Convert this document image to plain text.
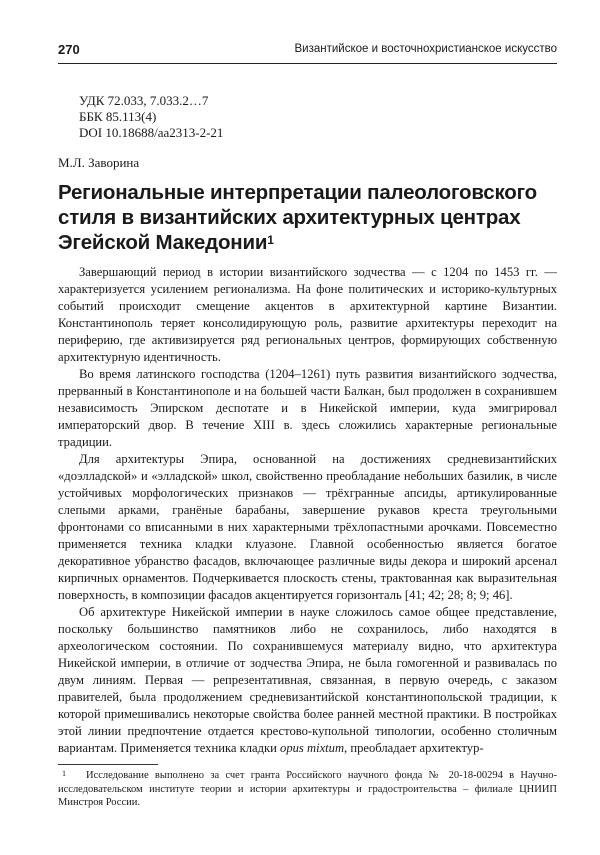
270	Византийское и восточнохристианское искусство
УДК 72.033, 7.033.2…7
ББК 85.113(4)
DOI 10.18688/aa2313-2-21
М.Л. Заворина
Региональные интерпретации палеологовского стиля в византийских архитектурных центрах Эгейской Македонии$^1$

Завершающий период в истории византийского зодчества — с 1204 по 1453 гг. — характеризуется усилением регионализма. На фоне политических и историко-культурных событий происходит смещение акцентов в архитектурной картине Византии. Константинополь теряет консолидирующую роль, развитие архитектуры переходит на периферию, где активизируется ряд региональных центров, формирующих собственную архитектурную идентичность.

Во время латинского господства (1204–1261) путь развития византийского зодчества, прерванный в Константинополе и на большей части Балкан, был продолжен в сохранившем независимость Эпирском деспотате и в Никейской империи, куда эмигрировал императорский двор. В течение XIII в. здесь сложились характерные региональные традиции.

Для архитектуры Эпира, основанной на достижениях средневизантийских «доэлладской» и «элладской» школ, свойственно преобладание небольших базилик, в числе устойчивых морфологических признаков — трёхгранные апсиды, артикулированные слепыми арками, гранёные барабаны, завершение рукавов креста треугольными фронтонами со вписанными в них характерными трёхлопастными арочками. Повсеместно применяется техника кладки клуазоне. Главной особенностью является богатое декоративное убранство фасадов, включающее различные виды декора и широкий арсенал кирпичных орнаментов. Подчеркивается плоскость стены, трактованная как выразительная поверхность, в композиции фасадов акцентируется горизонталь [41; 42; 28; 8; 9; 46].

Об архитектуре Никейской империи в науке сложилось самое общее представление, поскольку большинство памятников либо не сохранилось, либо находятся в археологическом состоянии. По сохранившемуся материалу видно, что архитектура Никейской империи, в отличие от зодчества Эпира, не была гомогенной и развивалась по двум линиям. Первая — репрезентативная, связанная, в первую очередь, с заказом правителей, была продолжением средневизантийской константинопольской традиции, к которой примешивались некоторые свойства более ранней местной практики. В постройках этой линии предпочтение отдается крестово-купольной типологии, особенно столичным вариантам. Применяется техника кладки opus mixtum, преобладает архитектур-

1	Исследование выполнено за счет гранта Российского научного фонда № 20-18-00294 в Научно-исследовательском институте теории и истории архитектуры и градостроительства – филиале ЦНИИП Минстроя России.
